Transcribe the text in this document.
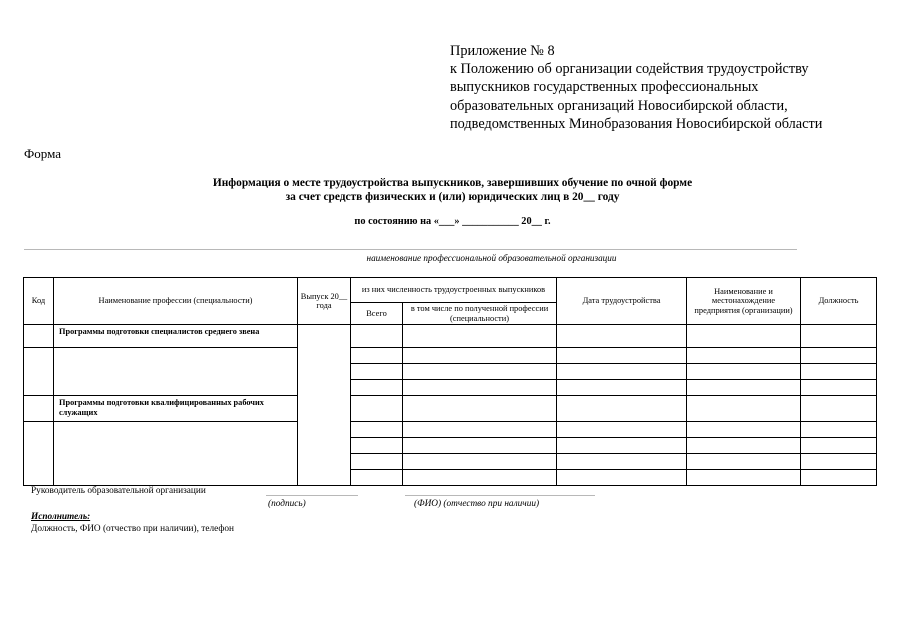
Приложение № 8
к Положению об организации содействия трудоустройству
выпускников государственных профессиональных
образовательных организаций Новосибирской области,
подведомственных Минобразования Новосибирской области
Форма
Информация о месте трудоустройства выпускников, завершивших обучение по очной форме
за счет средств физических и (или) юридических лиц в 20__ году
по состоянию на «___» ___________ 20__ г.
наименование профессиональной образовательной организации
Код	Наименование профессии (специальности)	Выпуск 20__ года	из них численность трудоустроенных выпускников		Дата трудоустройства	Наименование и местонахождение предприятия (организации)	Должность
			Всего	в том числе по полученной профессии (специальности)			
	Программы подготовки специалистов среднего звена						

	Программы подготовки квалифицированных рабочих служащих						

Руководитель образовательной организации
(подпись)	(ФИО) (отчество при наличии)
Исполнитель:
Должность, ФИО (отчество при наличии), телефон
